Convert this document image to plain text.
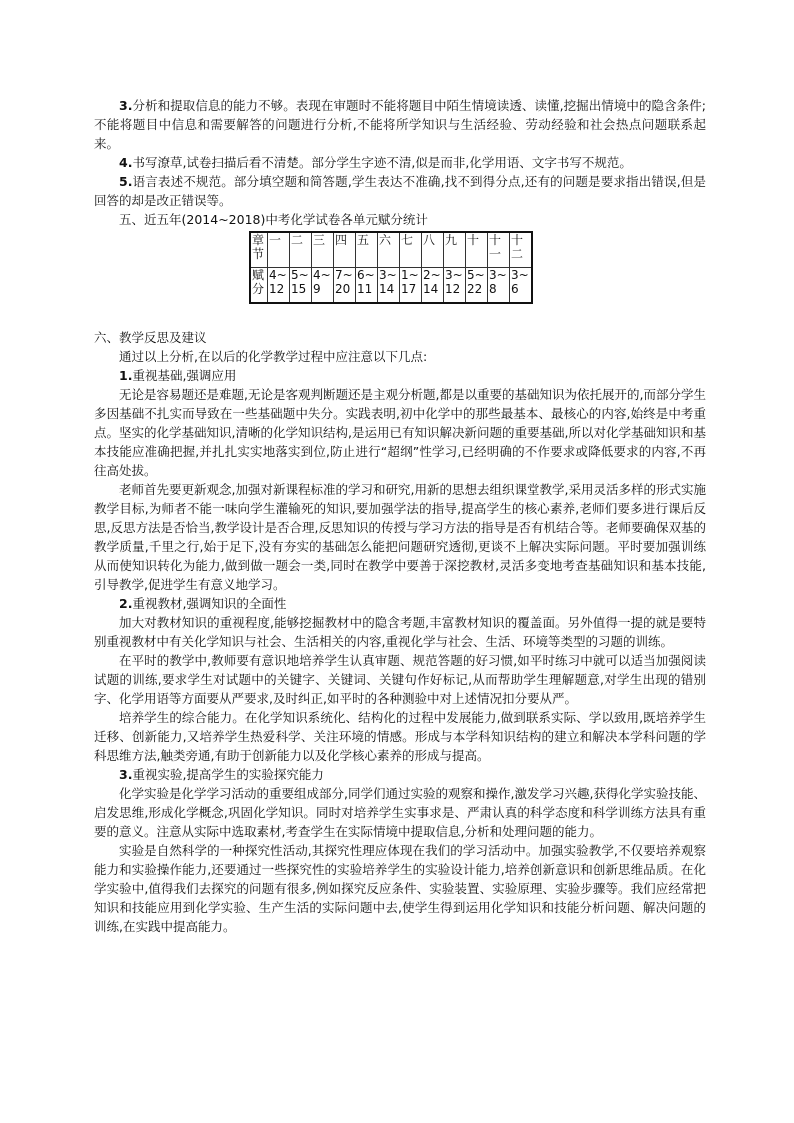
3.分析和提取信息的能力不够。表现在审题时不能将题目中陌生情境读透、读懂,挖掘出情境中的隐含条件;不能将题目中信息和需要解答的问题进行分析,不能将所学知识与生活经验、劳动经验和社会热点问题联系起来。

4.书写潦草,试卷扫描后看不清楚。部分学生字迹不清,似是而非,化学用语、文字书写不规范。

5.语言表述不规范。部分填空题和简答题,学生表达不准确,找不到得分点,还有的问题是要求指出错误,但是回答的却是改正错误等。

五、近五年(2014~2018)中考化学试卷各单元赋分统计

章节	一	二	三	四	五	六	七	八	九	十	十一	十二
赋分	4~12	5~15	4~9	7~20	6~11	3~14	1~17	2~14	3~12	5~22	3~8	3~6

六、教学反思及建议

通过以上分析,在以后的化学教学过程中应注意以下几点:

1.重视基础,强调应用

无论是容易题还是难题,无论是客观判断题还是主观分析题,都是以重要的基础知识为依托展开的,而部分学生多因基础不扎实而导致在一些基础题中失分。实践表明,初中化学中的那些最基本、最核心的内容,始终是中考重点。坚实的化学基础知识,清晰的化学知识结构,是运用已有知识解决新问题的重要基础,所以对化学基础知识和基本技能应准确把握,并扎扎实实地落实到位,防止进行“超纲”性学习,已经明确的不作要求或降低要求的内容,不再往高处拔。

老师首先要更新观念,加强对新课程标准的学习和研究,用新的思想去组织课堂教学,采用灵活多样的形式实施教学目标,为师者不能一味向学生灌输死的知识,要加强学法的指导,提高学生的核心素养,老师们要多进行课后反思,反思方法是否恰当,教学设计是否合理,反思知识的传授与学习方法的指导是否有机结合等。老师要确保双基的教学质量,千里之行,始于足下,没有夯实的基础怎么能把问题研究透彻,更谈不上解决实际问题。平时要加强训练从而使知识转化为能力,做到做一题会一类,同时在教学中要善于深挖教材,灵活多变地考查基础知识和基本技能,引导教学,促进学生有意义地学习。

2.重视教材,强调知识的全面性

加大对教材知识的重视程度,能够挖掘教材中的隐含考题,丰富教材知识的覆盖面。另外值得一提的就是要特别重视教材中有关化学知识与社会、生活相关的内容,重视化学与社会、生活、环境等类型的习题的训练。

在平时的教学中,教师要有意识地培养学生认真审题、规范答题的好习惯,如平时练习中就可以适当加强阅读试题的训练,要求学生对试题中的关键字、关键词、关键句作好标记,从而帮助学生理解题意,对学生出现的错别字、化学用语等方面要从严要求,及时纠正,如平时的各种测验中对上述情况扣分要从严。

培养学生的综合能力。在化学知识系统化、结构化的过程中发展能力,做到联系实际、学以致用,既培养学生迁移、创新能力,又培养学生热爱科学、关注环境的情感。形成与本学科知识结构的建立和解决本学科问题的学科思维方法,触类旁通,有助于创新能力以及化学核心素养的形成与提高。

3.重视实验,提高学生的实验探究能力

化学实验是化学学习活动的重要组成部分,同学们通过实验的观察和操作,激发学习兴趣,获得化学实验技能、启发思维,形成化学概念,巩固化学知识。同时对培养学生实事求是、严肃认真的科学态度和科学训练方法具有重要的意义。注意从实际中选取素材,考查学生在实际情境中提取信息,分析和处理问题的能力。

实验是自然科学的一种探究性活动,其探究性理应体现在我们的学习活动中。加强实验教学,不仅要培养观察能力和实验操作能力,还要通过一些探究性的实验培养学生的实验设计能力,培养创新意识和创新思维品质。在化学实验中,值得我们去探究的问题有很多,例如探究反应条件、实验装置、实验原理、实验步骤等。我们应经常把知识和技能应用到化学实验、生产生活的实际问题中去,使学生得到运用化学知识和技能分析问题、解决问题的训练,在实践中提高能力。
